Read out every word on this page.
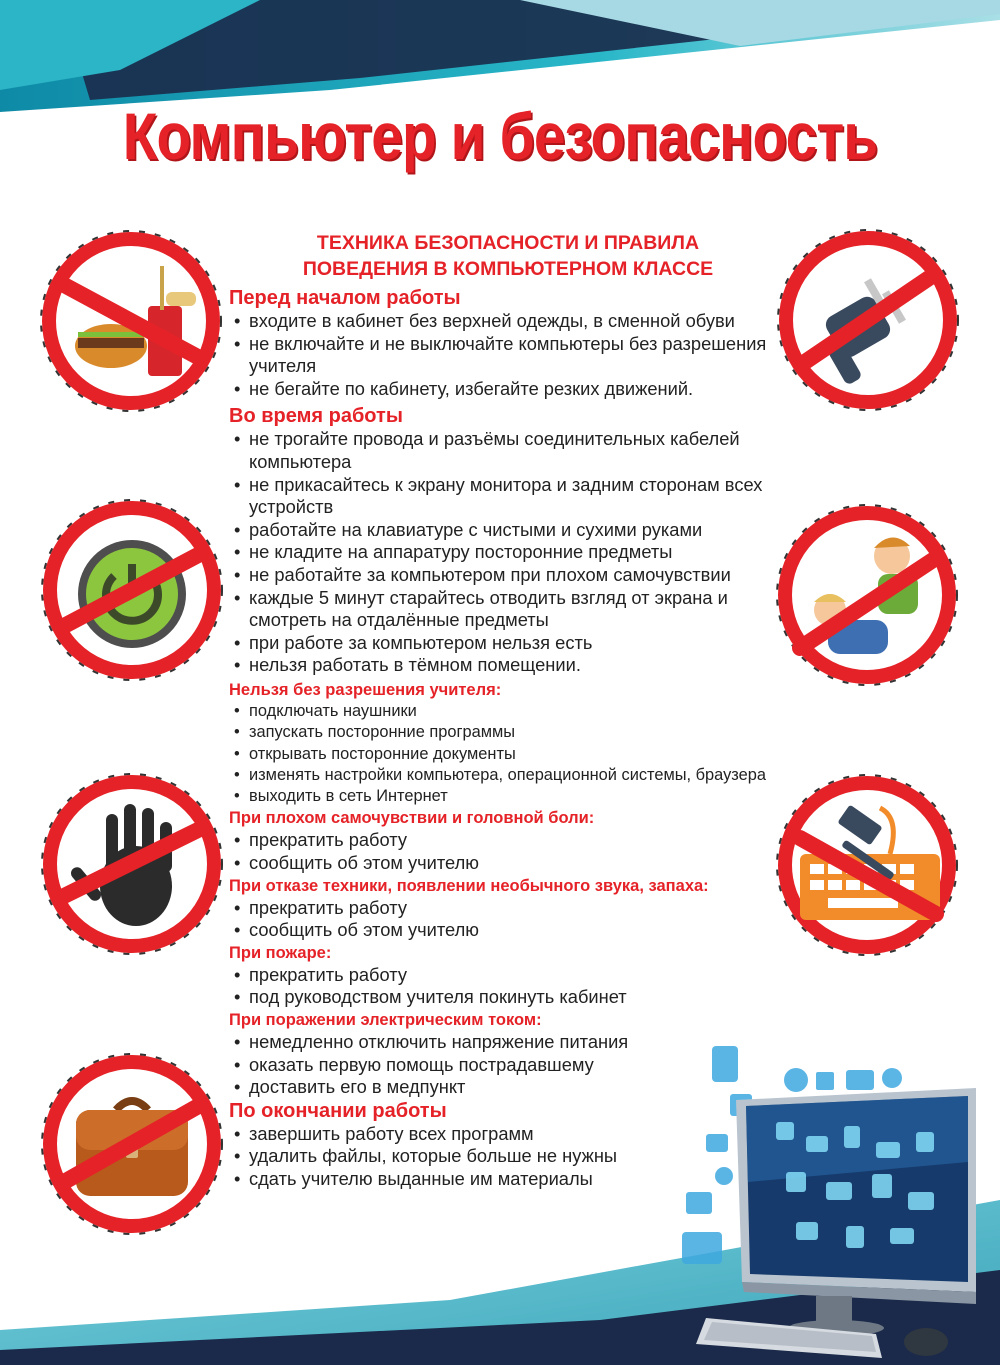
Компьютер и безопасность
ТЕХНИКА БЕЗОПАСНОСТИ И ПРАВИЛА
ПОВЕДЕНИЯ В КОМПЬЮТЕРНОМ КЛАССЕ
Перед началом работы
• входите в кабинет без верхней одежды, в сменной обуви
• не включайте и не выключайте компьютеры без разрешения учителя
• не бегайте по кабинету, избегайте резких движений.
Во время работы
• не трогайте провода и разъёмы соединительных кабелей компьютера
• не прикасайтесь к экрану монитора и задним сторонам всех устройств
• работайте на клавиатуре с чистыми и сухими руками
• не кладите на аппаратуру посторонние предметы
• не работайте за компьютером при плохом самочувствии
• каждые 5 минут старайтесь отводить взгляд от экрана и смотреть на отдалённые предметы
• при работе за компьютером нельзя есть
• нельзя работать в тёмном помещении.
Нельзя без разрешения учителя:
• подключать наушники
• запускать посторонние программы
• открывать посторонние документы
• изменять настройки компьютера, операционной системы, браузера
• выходить в сеть Интернет
При плохом самочувствии и головной боли:
• прекратить работу
• сообщить об этом учителю
При отказе техники, появлении необычного звука, запаха:
• прекратить работу
• сообщить об этом учителю
При пожаре:
• прекратить работу
• под руководством учителя покинуть кабинет
При поражении электрическим током:
• немедленно отключить напряжение питания
• оказать первую помощь пострадавшему
• доставить его в медпункт
По окончании работы
• завершить работу всех программ
• удалить файлы, которые больше не нужны
• сдать учителю выданные им материалы
